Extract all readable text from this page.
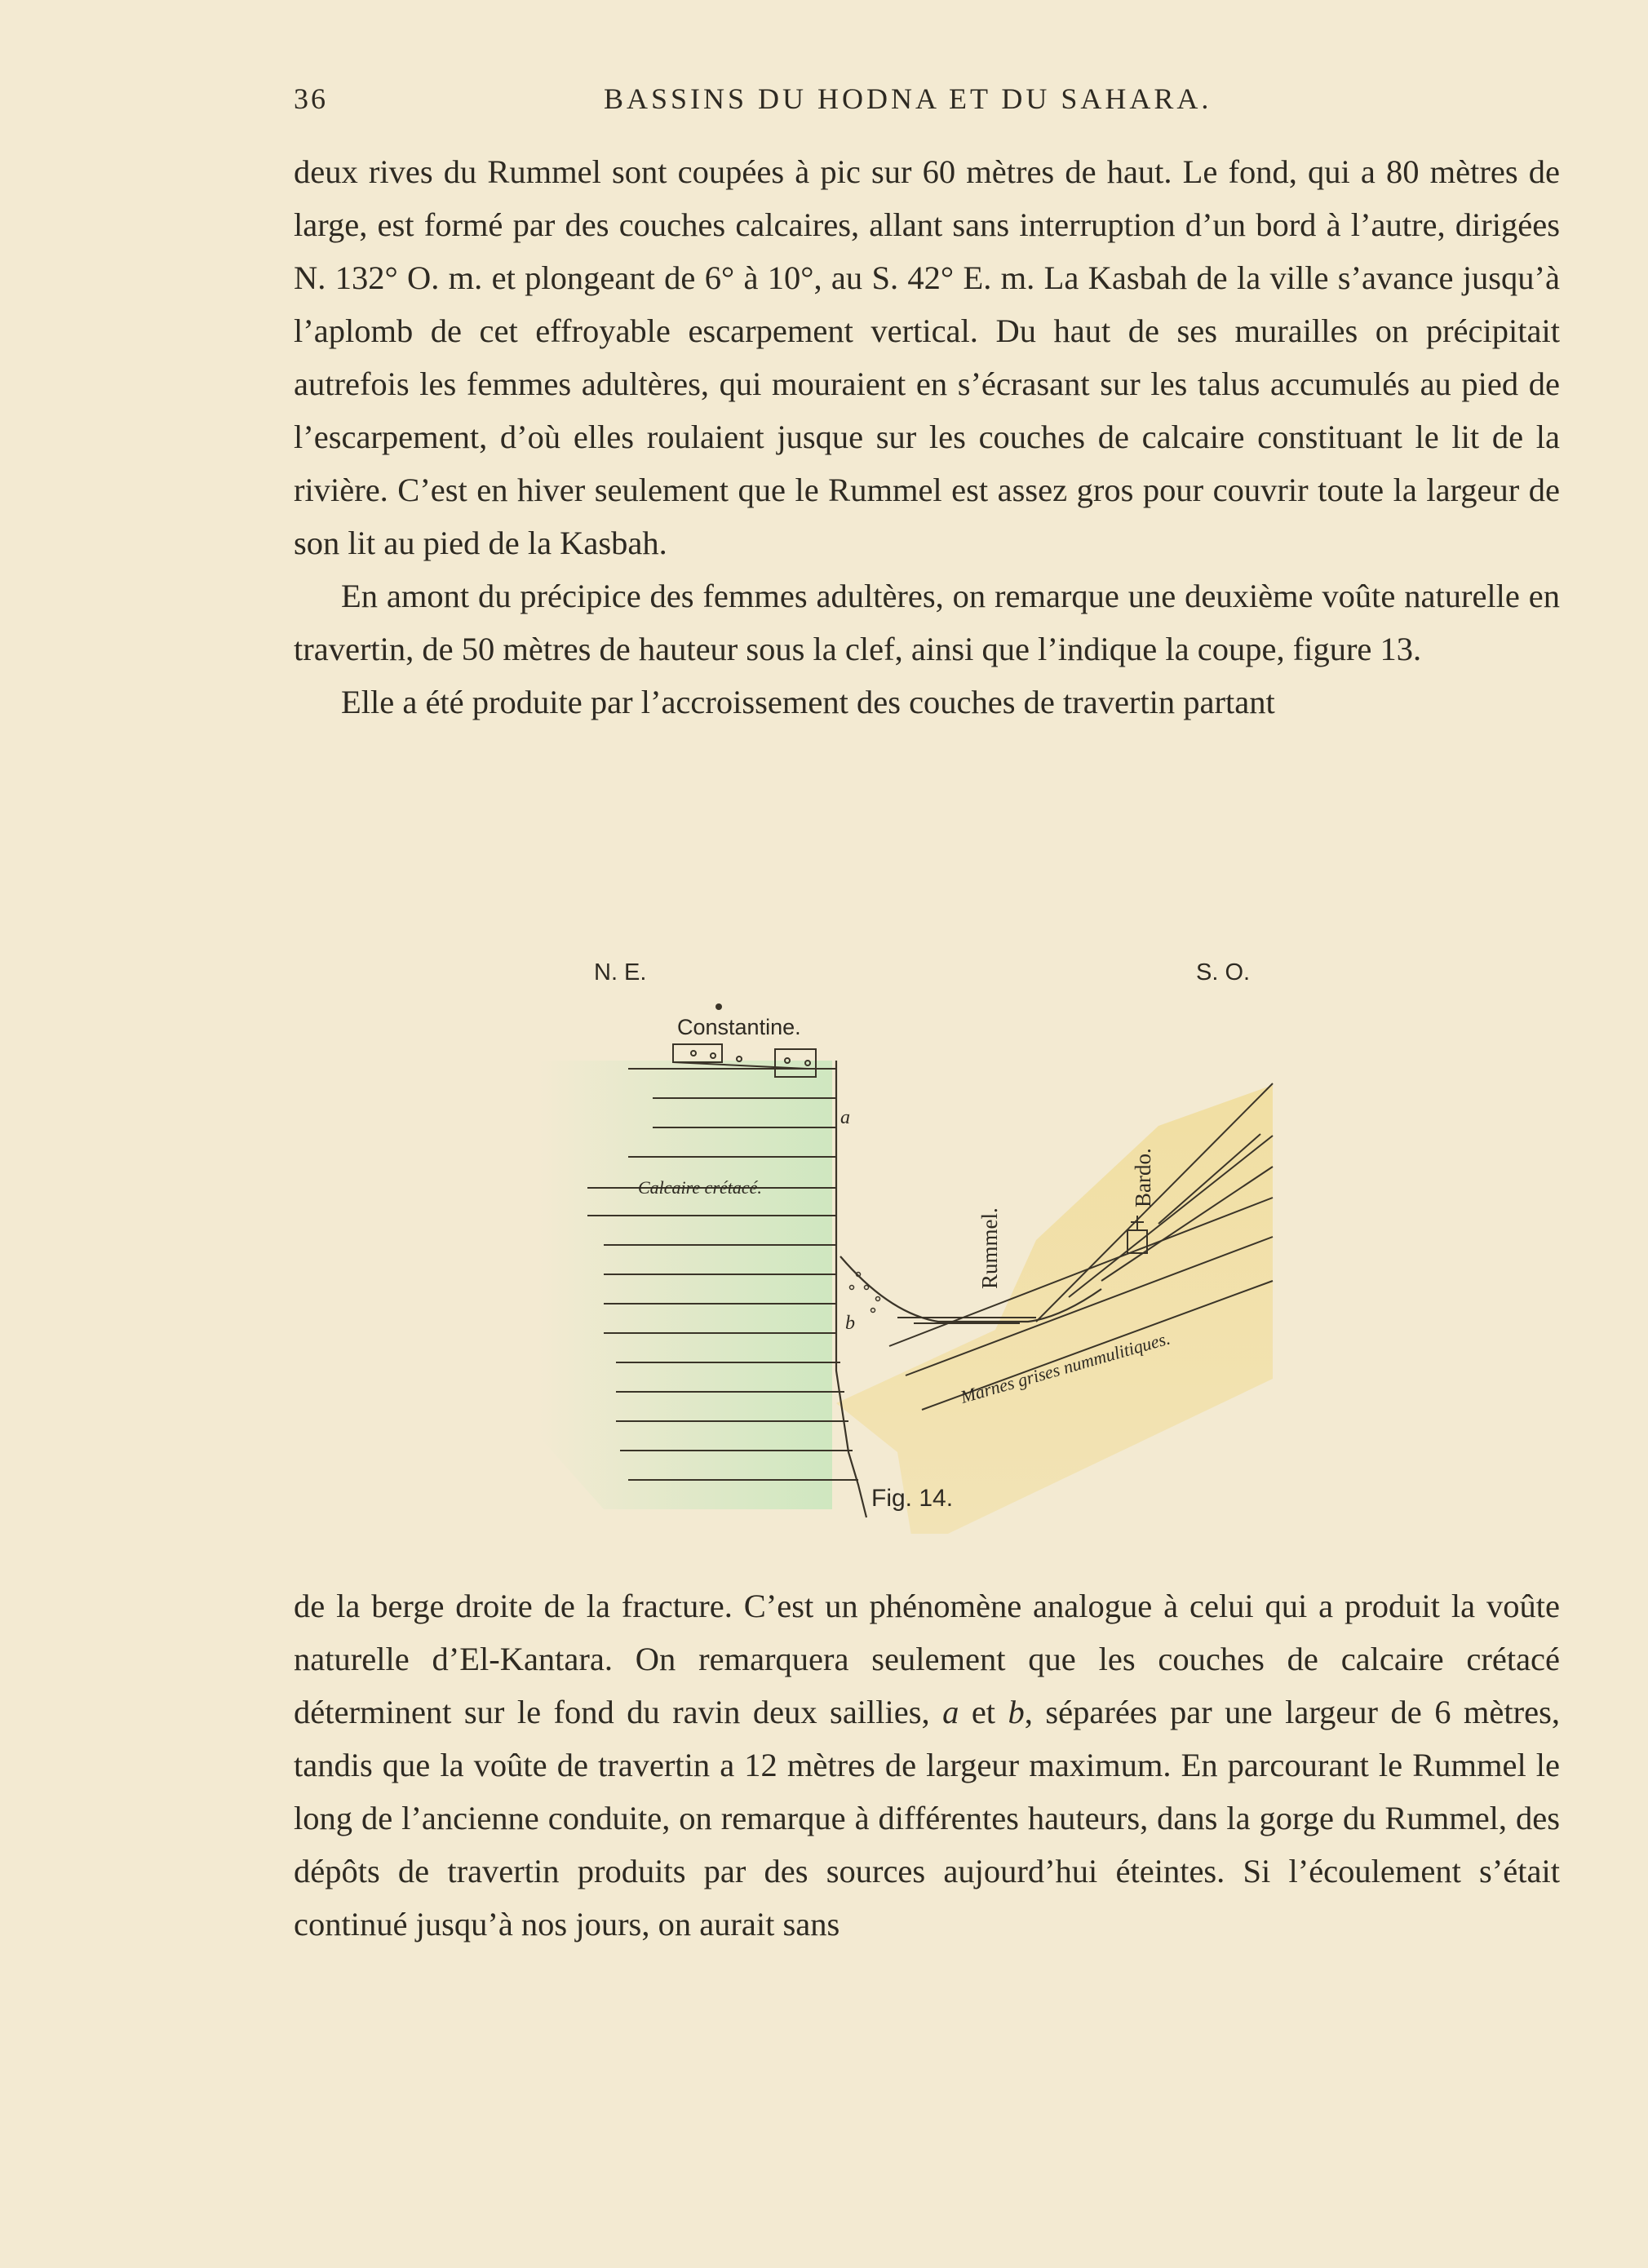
36	BASSINS DU HODNA ET DU SAHARA.

deux rives du Rummel sont coupées à pic sur 60 mètres de haut. Le fond, qui a 80 mètres de large, est formé par des couches calcaires, allant sans interruption d’un bord à l’autre, dirigées N. 132° O. m. et plongeant de 6° à 10°, au S. 42° E. m. La Kasbah de la ville s’avance jusqu’à l’aplomb de cet effroyable escarpement vertical. Du haut de ses murailles on précipitait autrefois les femmes adultères, qui mouraient en s’écrasant sur les talus accumulés au pied de l’escarpement, d’où elles roulaient jusque sur les couches de calcaire constituant le lit de la rivière. C’est en hiver seulement que le Rummel est assez gros pour couvrir toute la largeur de son lit au pied de la Kasbah.

En amont du précipice des femmes adultères, on remarque une deuxième voûte naturelle en travertin, de 50 mètres de hauteur sous la clef, ainsi que l’indique la coupe, figure 13.

Elle a été produite par l’accroissement des couches de travertin partant

N. E.	S. O.
Constantine.
a
Calcaire crétacé.
b
Rummel.
Bardo.
Marnes grises nummulitiques.
Fig. 14.

de la berge droite de la fracture. C’est un phénomène analogue à celui qui a produit la voûte naturelle d’El-Kantara. On remarquera seulement que les couches de calcaire crétacé déterminent sur le fond du ravin deux saillies, a et b, séparées par une largeur de 6 mètres, tandis que la voûte de travertin a 12 mètres de largeur maximum. En parcourant le Rummel le long de l’ancienne conduite, on remarque à différentes hauteurs, dans la gorge du Rummel, des dépôts de travertin produits par des sources aujourd’hui éteintes. Si l’écoulement s’était continué jusqu’à nos jours, on aurait sans
